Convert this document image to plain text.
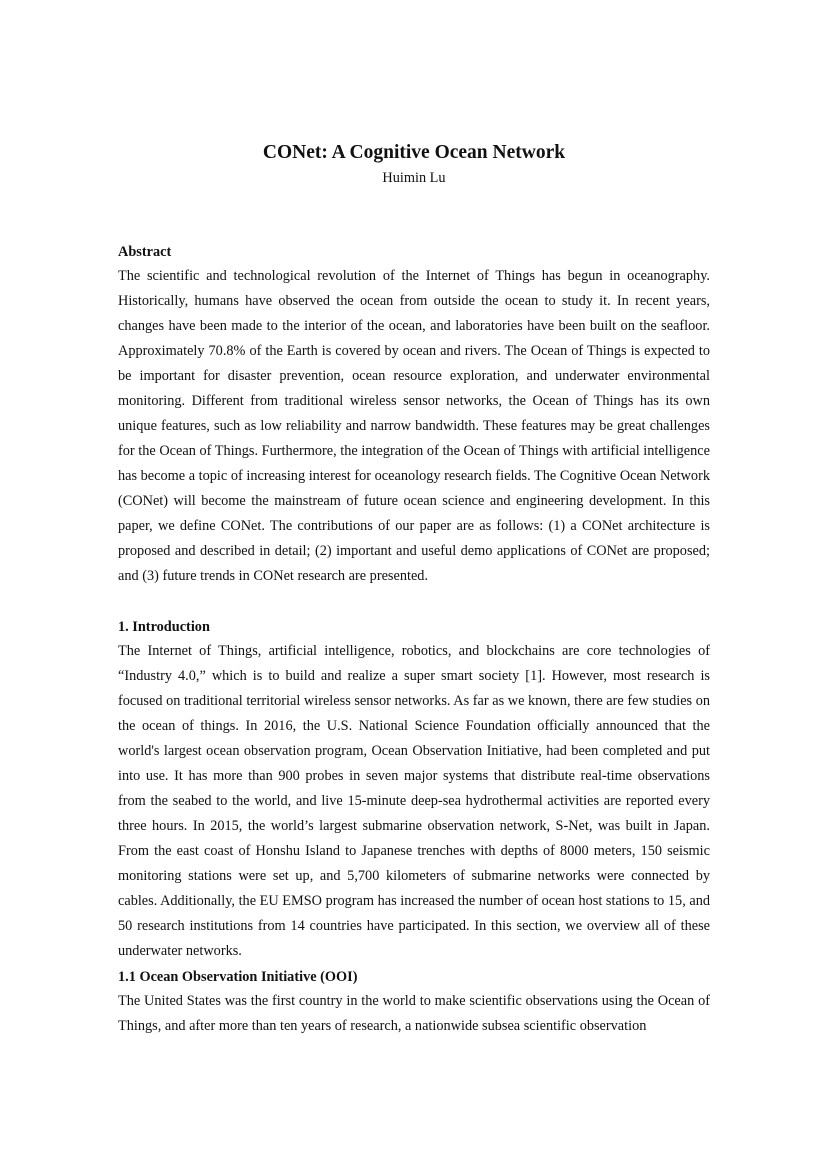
CONet: A Cognitive Ocean Network

Huimin Lu

Abstract

The scientific and technological revolution of the Internet of Things has begun in oceanography. Historically, humans have observed the ocean from outside the ocean to study it. In recent years, changes have been made to the interior of the ocean, and laboratories have been built on the seafloor. Approximately 70.8% of the Earth is covered by ocean and rivers. The Ocean of Things is expected to be important for disaster prevention, ocean resource exploration, and underwater environmental monitoring. Different from traditional wireless sensor networks, the Ocean of Things has its own unique features, such as low reliability and narrow bandwidth. These features may be great challenges for the Ocean of Things. Furthermore, the integration of the Ocean of Things with artificial intelligence has become a topic of increasing interest for oceanology research fields. The Cognitive Ocean Network (CONet) will become the mainstream of future ocean science and engineering development. In this paper, we define CONet. The contributions of our paper are as follows: (1) a CONet architecture is proposed and described in detail; (2) important and useful demo applications of CONet are proposed; and (3) future trends in CONet research are presented.

1. Introduction

The Internet of Things, artificial intelligence, robotics, and blockchains are core technologies of “Industry 4.0,” which is to build and realize a super smart society [1]. However, most research is focused on traditional territorial wireless sensor networks. As far as we known, there are few studies on the ocean of things. In 2016, the U.S. National Science Foundation officially announced that the world's largest ocean observation program, Ocean Observation Initiative, had been completed and put into use. It has more than 900 probes in seven major systems that distribute real-time observations from the seabed to the world, and live 15-minute deep-sea hydrothermal activities are reported every three hours. In 2015, the world’s largest submarine observation network, S-Net, was built in Japan. From the east coast of Honshu Island to Japanese trenches with depths of 8000 meters, 150 seismic monitoring stations were set up, and 5,700 kilometers of submarine networks were connected by cables. Additionally, the EU EMSO program has increased the number of ocean host stations to 15, and 50 research institutions from 14 countries have participated. In this section, we overview all of these underwater networks.

1.1 Ocean Observation Initiative (OOI)

The United States was the first country in the world to make scientific observations using the Ocean of Things, and after more than ten years of research, a nationwide subsea scientific observation
